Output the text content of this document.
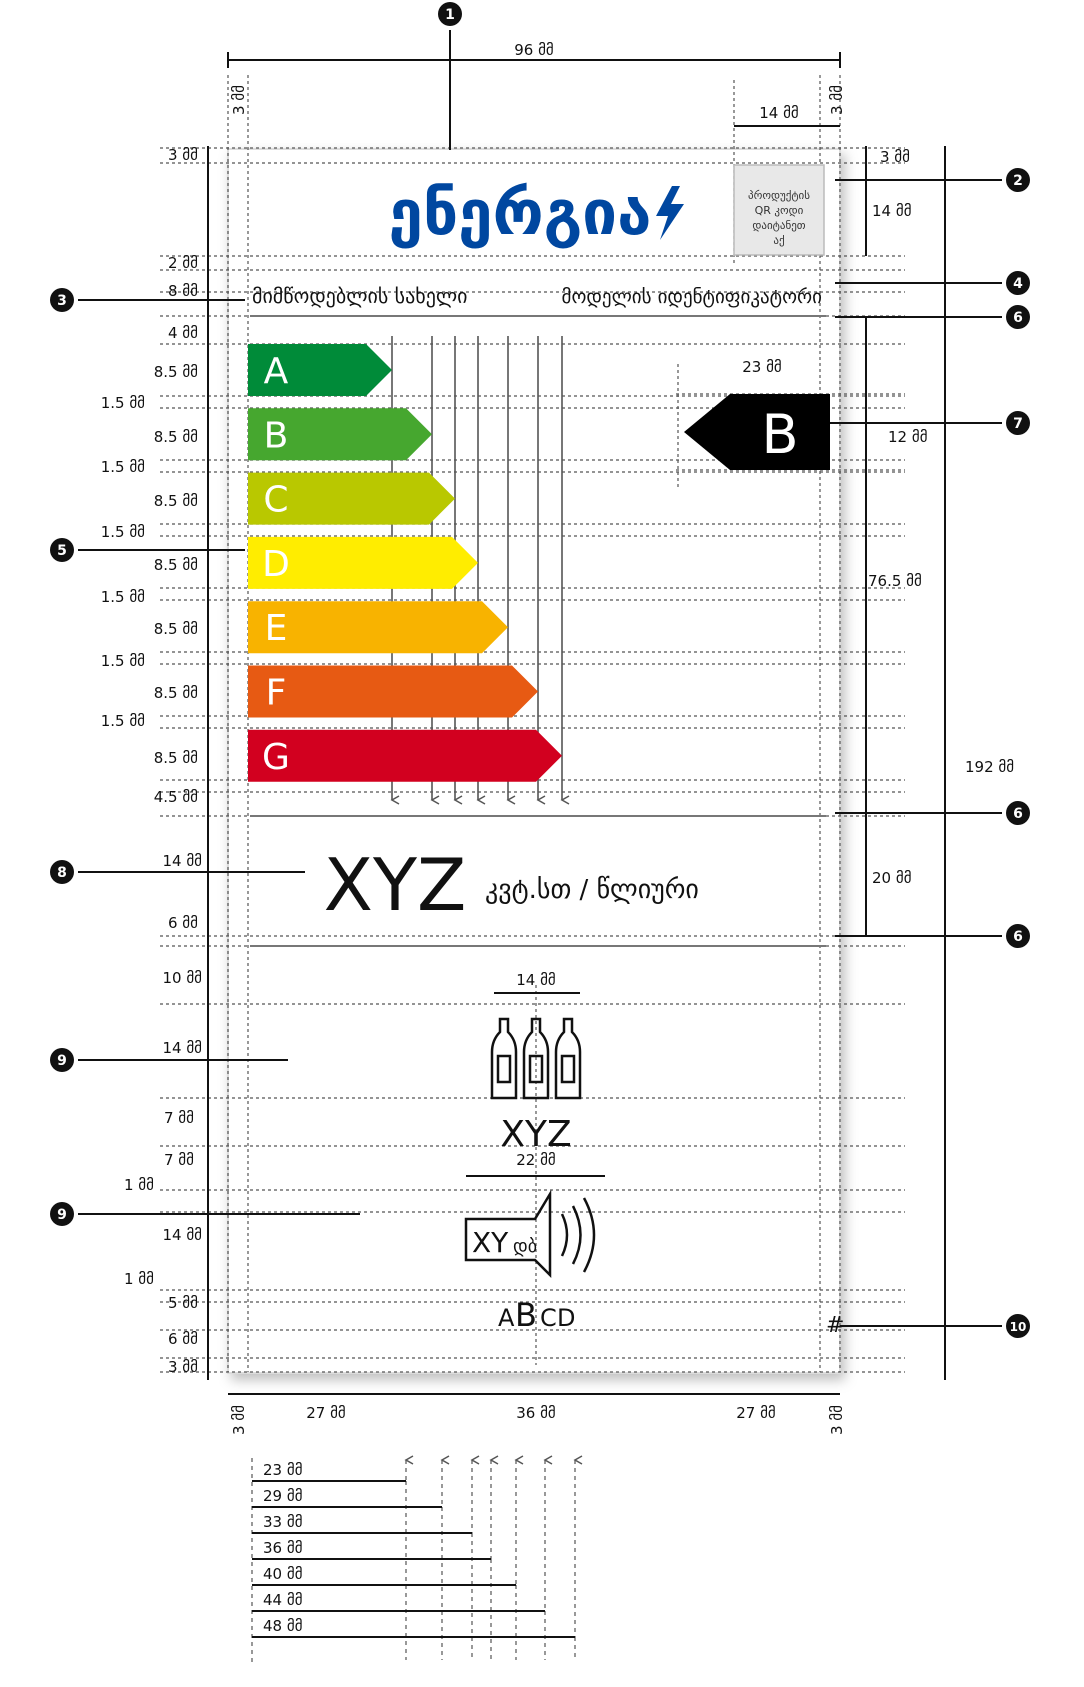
ენერგია	პროდუქტის
QR კოდი
დაიტანეთ
აქ
მიმწოდებლის სახელი	მოდელის იდენტიფიკატორი
A
B
C
D
E
F
G
B
XYZ კვტ.სთ / წლიური
XYZ
XY დბ
A B C D	#
96 მმ
3 მმ	3 მმ
14 მმ
3 მმ
14 მმ
23 მმ
12 მმ
76.5 მმ
20 მმ
192 მმ
14 მმ
22 მმ
27 მმ	36 მმ	27 მმ
3 მმ	3 მმ
3 მმ
2 მმ
8 მმ
4 მმ
8.5 მმ
1.5 მმ
8.5 მმ
1.5 მმ
8.5 მმ
1.5 მმ
8.5 მმ
1.5 მმ
8.5 მმ
1.5 მმ
8.5 მმ
1.5 მმ
8.5 მმ
4.5 მმ
14 მმ
6 მმ
10 მმ
14 მმ
7 მმ
7 მმ
1 მმ
14 მმ
1 მმ
5 მმ
6 მმ
3 მმ
23 მმ
29 მმ
33 მმ
36 მმ
40 მმ
44 მმ
48 მმ
1
2
3
4
5
6
6
6
7
8
9
9
10
